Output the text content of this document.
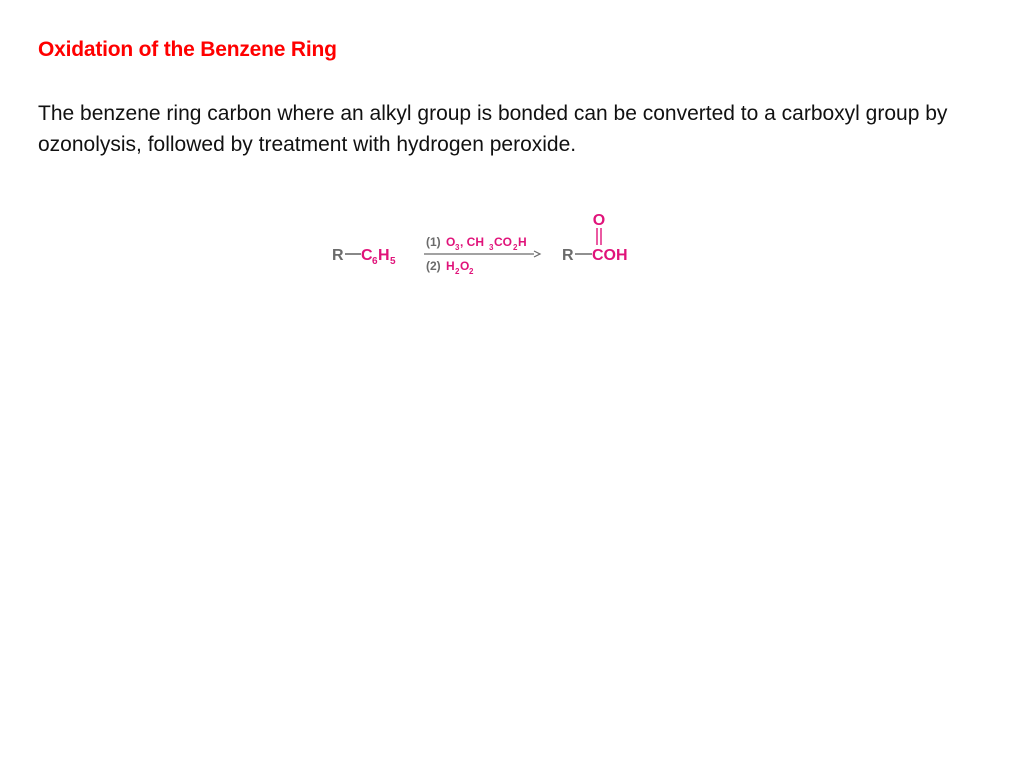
Oxidation of the Benzene Ring
The benzene ring carbon where an alkyl group is bonded can be converted to a carboxyl group by ozonolysis, followed by treatment with hydrogen peroxide.
R C 6 H 5
(1) O 3 , CH 3 CO 2 H
(2) H 2 O 2
R COH
O
